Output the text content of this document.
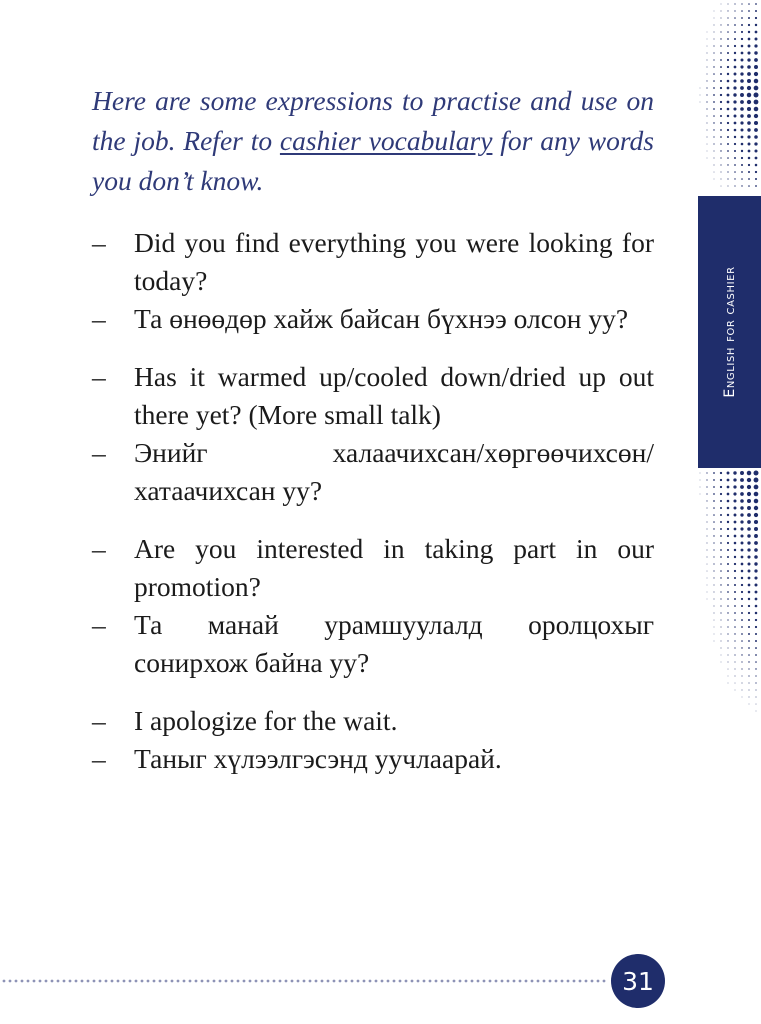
English for cashier

Here are some expressions to practise and use on the job. Refer to cashier vocabulary for any words you don’t know.

– Did you find everything you were looking for today?
– Та өнөөдөр хайж байсан бүхнээ олсон уу?
– Has it warmed up/cooled down/dried up out there yet? (More small talk)
– Энийг халаачихсан/хөргөөчихсөн/ хатаачихсан уу?
– Are you interested in taking part in our promotion?
– Та манай урамшуулалд оролцохыг сонирхож байна уу?
– I apologize for the wait.
– Таныг хүлээлгэсэнд уучлаарай.
31
